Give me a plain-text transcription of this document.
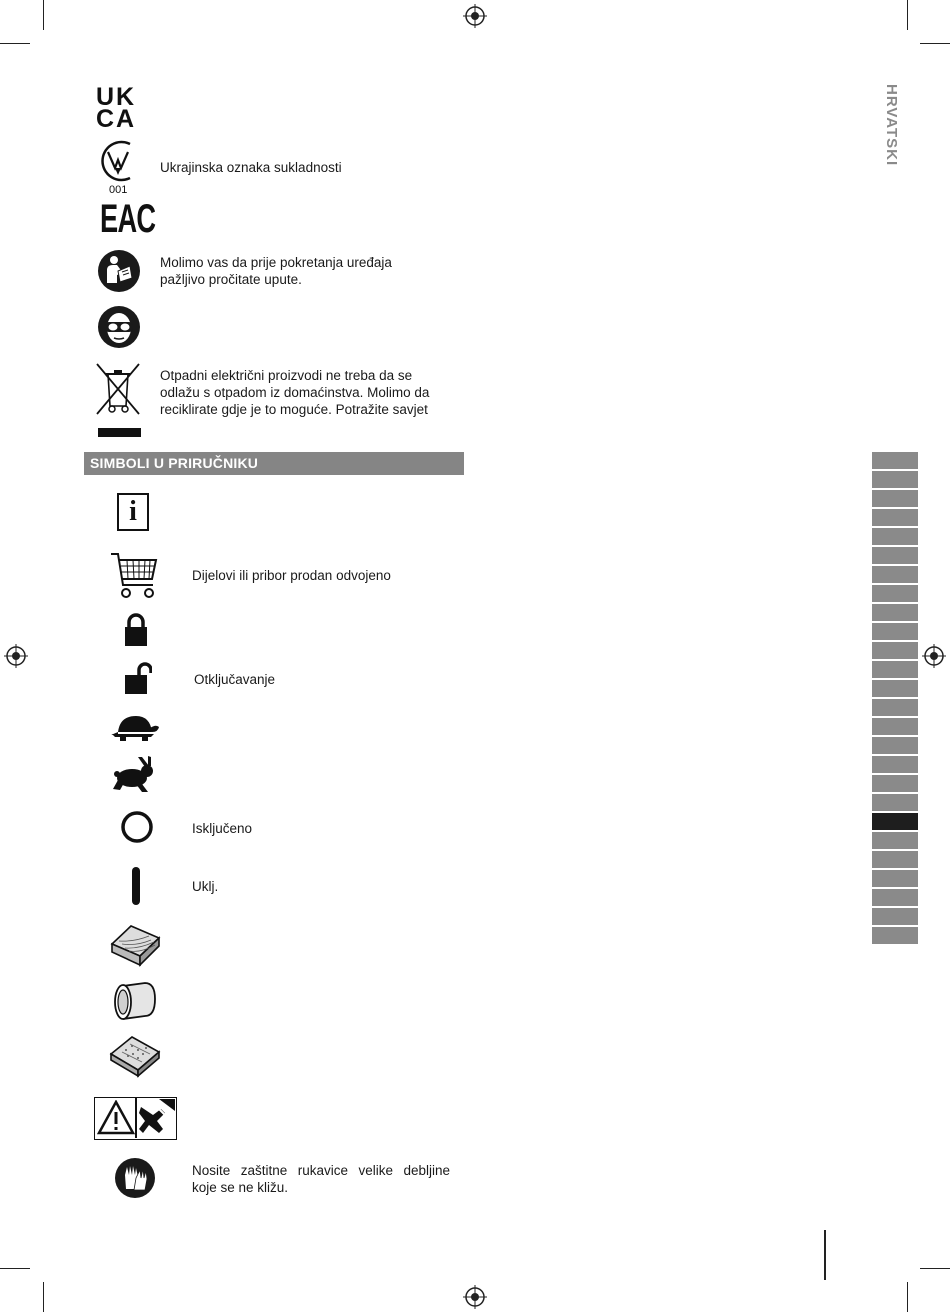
HRVATSKI
UK
CA
001
Ukrajinska oznaka sukladnosti
EAC
Molimo vas da prije pokretanja uređaja
pažljivo pročitate upute.
Otpadni električni proizvodi ne treba da se
odlažu s otpadom iz domaćinstva. Molimo da
reciklirate gdje je to moguće. Potražite savjet
SIMBOLI U PRIRUČNIKU
i
Dijelovi ili pribor prodan odvojeno
Otključavanje
Isključeno
Uklj.
Nosite zaštitne rukavice velike debljine
koje se ne kližu.
